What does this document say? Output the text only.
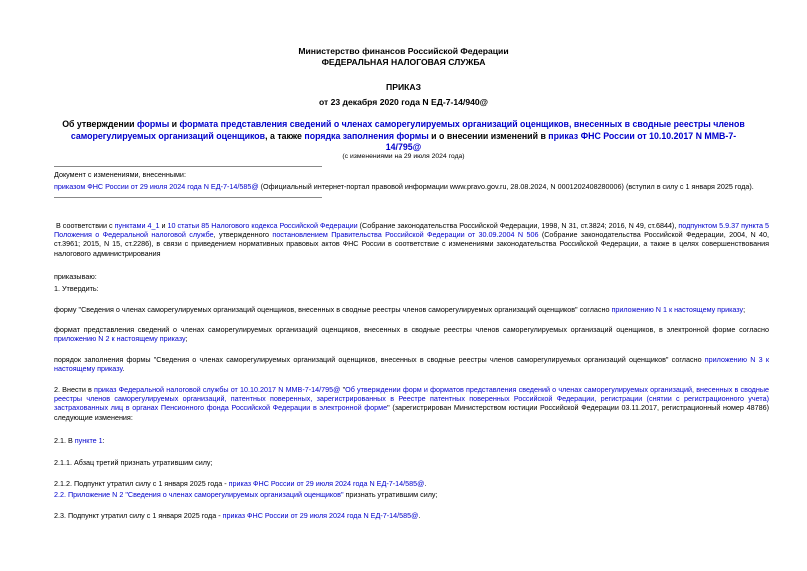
Министерство финансов Российской Федерации
ФЕДЕРАЛЬНАЯ НАЛОГОВАЯ СЛУЖБА
ПРИКАЗ
от 23 декабря 2020 года N ЕД-7-14/940@
Об утверждении формы и формата представления сведений о членах саморегулируемых организаций оценщиков, внесенных в сводные реестры членов саморегулируемых организаций оценщиков, а также порядка заполнения формы и о внесении изменений в приказ ФНС России от 10.10.2017 N ММВ-7-14/795@
(с изменениями на 29 июля 2024 года)
Документ с изменениями, внесенными:
приказом ФНС России от 29 июля 2024 года N ЕД-7-14/585@ (Официальный интернет-портал правовой информации www.pravo.gov.ru, 28.08.2024, N 0001202408280006) (вступил в силу с 1 января 2025 года).
В соответствии с пунктами 4_1 и 10 статьи 85 Налогового кодекса Российской Федерации (Собрание законодательства Российской Федерации, 1998, N 31, ст.3824; 2016, N 49, ст.6844), подпунктом 5.9.37 пункта 5 Положения о Федеральной налоговой службе, утвержденного постановлением Правительства Российской Федерации от 30.09.2004 N 506 (Собрание законодательства Российской Федерации, 2004, N 40, ст.3961; 2015, N 15, ст.2286), в связи с приведением нормативных правовых актов ФНС России в соответствие с изменениями законодательства Российской Федерации, а также в целях совершенствования налогового администрирования
приказываю:
1. Утвердить:
форму "Сведения о членах саморегулируемых организаций оценщиков, внесенных в сводные реестры членов саморегулируемых организаций оценщиков" согласно приложению N 1 к настоящему приказу;
формат представления сведений о членах саморегулируемых организаций оценщиков, внесенных в сводные реестры членов саморегулируемых организаций оценщиков, в электронной форме согласно приложению N 2 к настоящему приказу;
порядок заполнения формы "Сведения о членах саморегулируемых организаций оценщиков, внесенных в сводные реестры членов саморегулируемых организаций оценщиков" согласно приложению N 3 к настоящему приказу.
2. Внести в приказ Федеральной налоговой службы от 10.10.2017 N ММВ-7-14/795@ "Об утверждении форм и форматов представления сведений о членах саморегулируемых организаций, внесенных в сводные реестры членов саморегулируемых организаций, патентных поверенных, зарегистрированных в Реестре патентных поверенных Российской Федерации, регистрации (снятии с регистрационного учета) застрахованных лиц в органах Пенсионного фонда Российской Федерации в электронной форме" (зарегистрирован Министерством юстиции Российской Федерации 03.11.2017, регистрационный номер 48786) следующие изменения:
2.1. В пункте 1:
2.1.1. Абзац третий признать утратившим силу;
2.1.2. Подпункт утратил силу с 1 января 2025 года - приказ ФНС России от 29 июля 2024 года N ЕД-7-14/585@.
2.2. Приложение N 2 "Сведения о членах саморегулируемых организаций оценщиков" признать утратившим силу;
2.3. Подпункт утратил силу с 1 января 2025 года - приказ ФНС России от 29 июля 2024 года N ЕД-7-14/585@.
